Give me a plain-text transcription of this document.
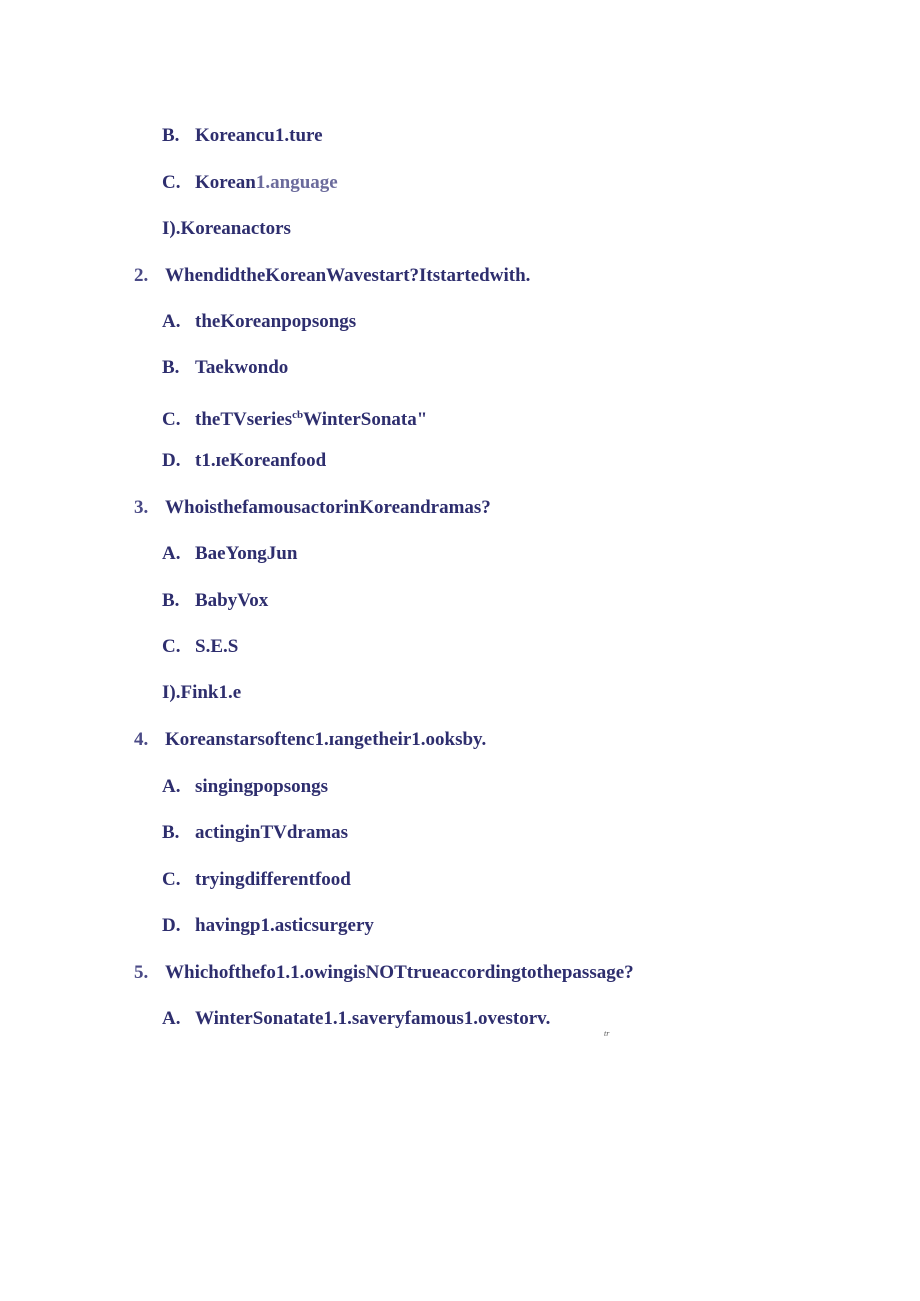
B. Koreancu1.ture
C. Korean1.anguage
I).Koreanactors
2. WhendidtheKoreanWavestart?Itstartedwith.
A. theKoreanpopsongs
B. Taekwondo
C. theTVseries$^{cb}$WinterSonata"
D. t1.ɪeKoreanfood
3. WhoisthefamousactorinKoreandramas?
A. BaeYongJun
B. BabyVox
C. S.E.S
I).Fink1.e
4. Koreanstarsoftenc1.ɪangetheir1.ooksby.
A. singingpopsongs
B. actinginTVdramas
C. tryingdifferentfood
D. havingp1.asticsurgery
5. Whichofthefo1.1.owingisNOTtrueaccordingtothepassage?
A. WinterSonatate1.1.saveryfamous1.ovestorv.
tr
